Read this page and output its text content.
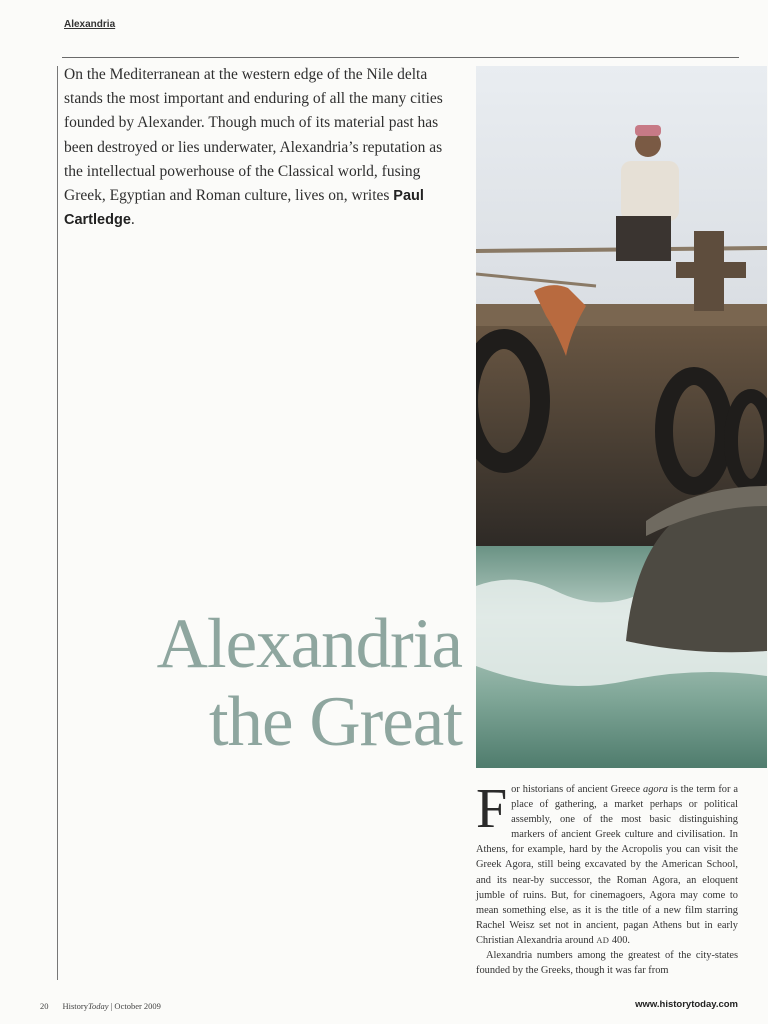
Alexandria
On the Mediterranean at the western edge of the Nile delta stands the most important and enduring of all the many cities founded by Alexander. Though much of its material past has been destroyed or lies underwater, Alexandria’s reputation as the intellectual powerhouse of the Classical world, fusing Greek, Egyptian and Roman culture, lives on, writes Paul Cartledge.
Alexandria
the Great

For historians of ancient Greece agora is the term for a place of gathering, a market perhaps or political assembly, one of the most basic distinguishing markers of ancient Greek culture and civilisation. In Athens, for example, hard by the Acropolis you can visit the Greek Agora, still being excavated by the American School, and its near-by successor, the Roman Agora, an eloquent jumble of ruins. But, for cinemagoers, Agora may come to mean something else, as it is the title of a new film starring Rachel Weisz set not in ancient, pagan Athens but in early Christian Alexandria around AD 400.

Alexandria numbers among the greatest of the city-states founded by the Greeks, though it was far from

20 HistoryToday | October 2009	www.historytoday.com
